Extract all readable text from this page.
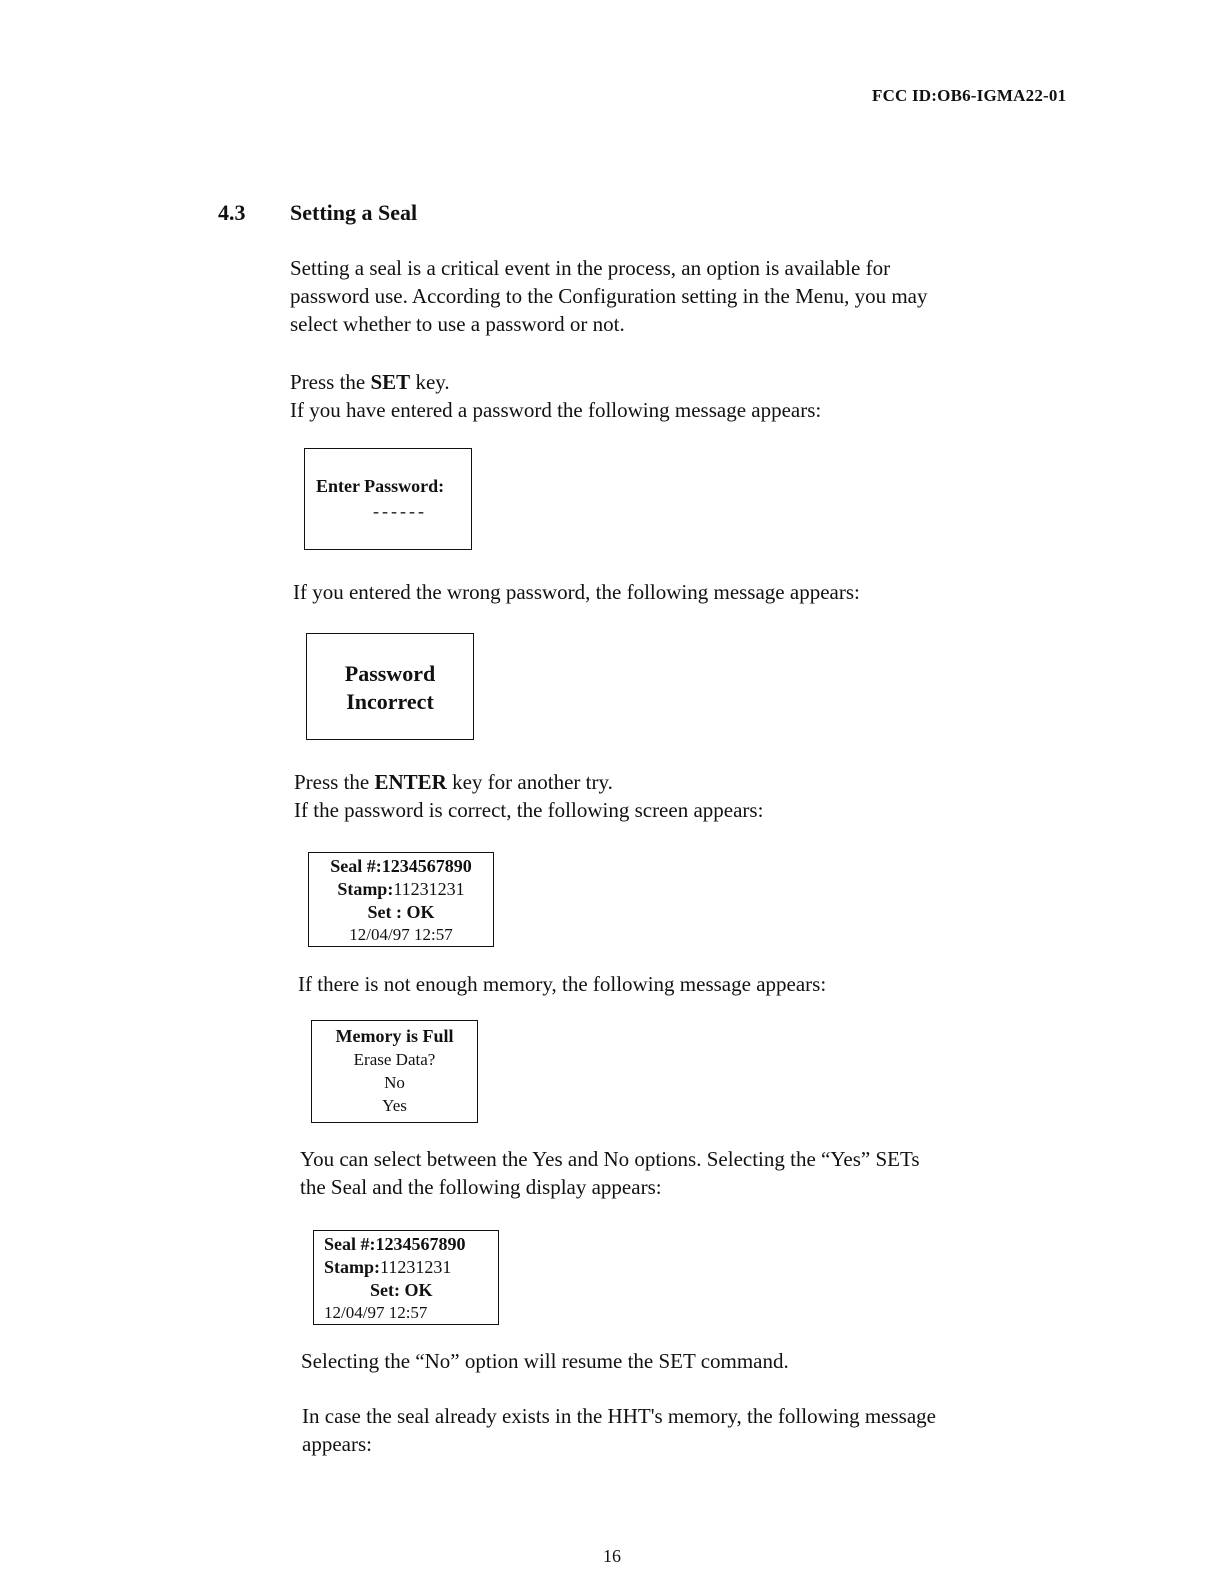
FCC ID:OB6-IGMA22-01
4.3 Setting a Seal
Setting a seal is a critical event in the process, an option is available for
password use. According to the Configuration setting in the Menu, you may
select whether to use a password or not.
Press the SET key.
If you have entered a password the following message appears:
Enter Password:
------
If you entered the wrong password, the following message appears:
Password
Incorrect
Press the ENTER key for another try.
If the password is correct, the following screen appears:
Seal #:1234567890
Stamp:11231231
Set : OK
12/04/97 12:57
If there is not enough memory, the following message appears:
Memory is Full
Erase Data?
No
Yes
You can select between the Yes and No options. Selecting the “Yes” SETs
the Seal and the following display appears:
Seal #:1234567890
Stamp:11231231
Set: OK
12/04/97 12:57
Selecting the “No” option will resume the SET command.
In case the seal already exists in the HHT's memory, the following message
appears:
16
